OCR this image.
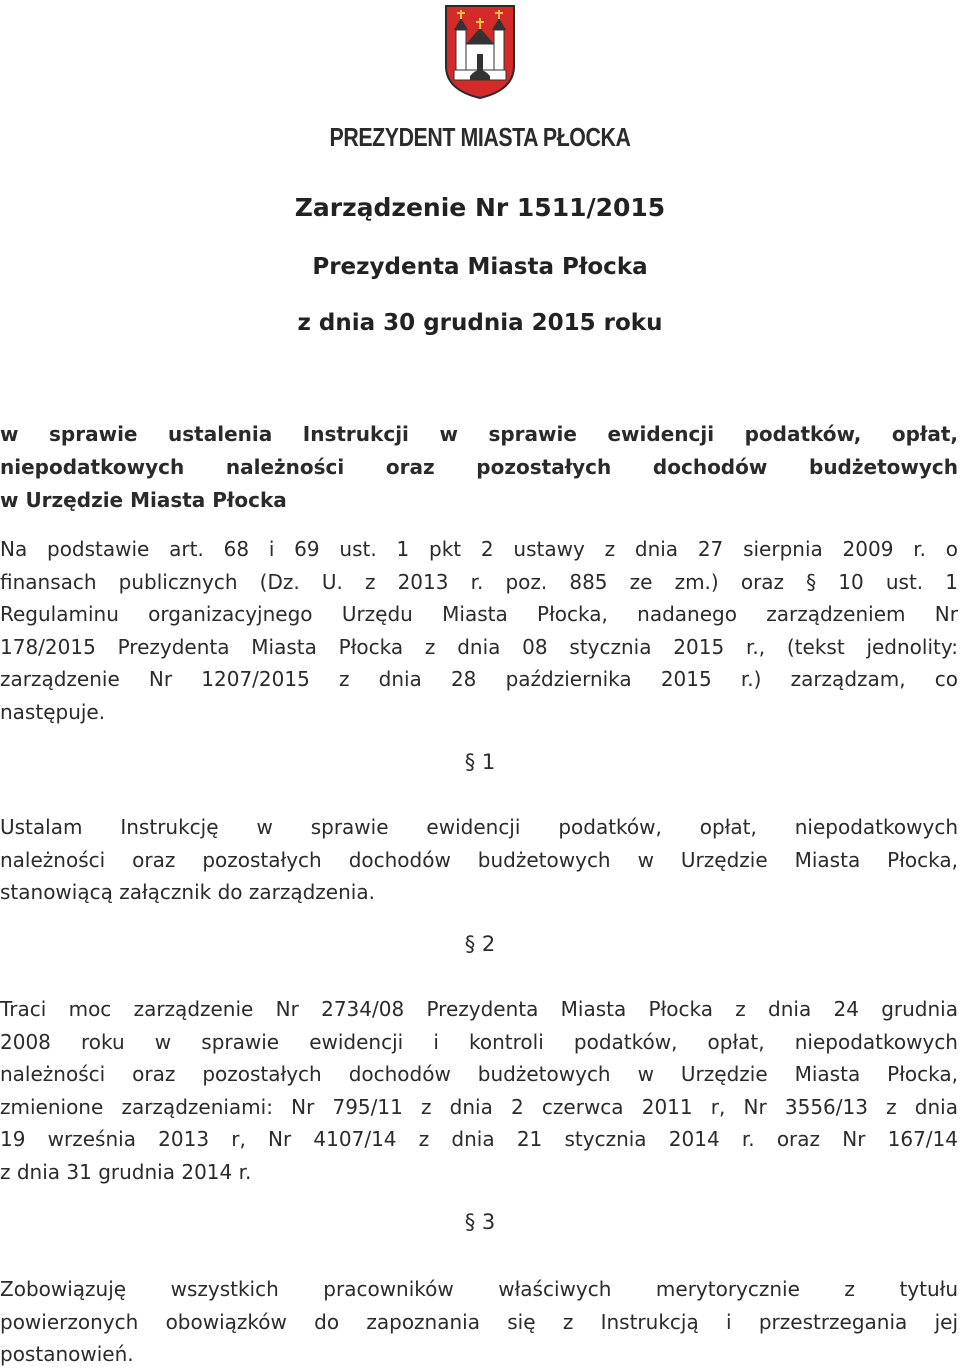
PREZYDENT MIASTA PŁOCKA
Zarządzenie Nr 1511/2015
Prezydenta Miasta Płocka
z dnia 30 grudnia 2015 roku
w sprawie ustalenia Instrukcji w sprawie ewidencji podatków, opłat,
niepodatkowych należności oraz pozostałych dochodów budżetowych
w Urzędzie Miasta Płocka
Na podstawie art. 68 i 69 ust. 1 pkt 2 ustawy z dnia 27 sierpnia 2009 r. o
finansach publicznych (Dz. U. z 2013 r. poz. 885 ze zm.) oraz § 10 ust. 1
Regulaminu organizacyjnego Urzędu Miasta Płocka, nadanego zarządzeniem Nr
178/2015 Prezydenta Miasta Płocka z dnia 08 stycznia 2015 r., (tekst jednolity:
zarządzenie Nr 1207/2015 z dnia 28 października 2015 r.) zarządzam, co
następuje.
§ 1
Ustalam Instrukcję w sprawie ewidencji podatków, opłat, niepodatkowych
należności oraz pozostałych dochodów budżetowych w Urzędzie Miasta Płocka,
stanowiącą załącznik do zarządzenia.
§ 2
Traci moc zarządzenie Nr 2734/08 Prezydenta Miasta Płocka z dnia 24 grudnia
2008 roku w sprawie ewidencji i kontroli podatków, opłat, niepodatkowych
należności oraz pozostałych dochodów budżetowych w Urzędzie Miasta Płocka,
zmienione zarządzeniami: Nr 795/11 z dnia 2 czerwca 2011 r, Nr 3556/13 z dnia
19 września 2013 r, Nr 4107/14 z dnia 21 stycznia 2014 r. oraz Nr 167/14
z dnia 31 grudnia 2014 r.
§ 3
Zobowiązuję wszystkich pracowników właściwych merytorycznie z tytułu
powierzonych obowiązków do zapoznania się z Instrukcją i przestrzegania jej
postanowień.
